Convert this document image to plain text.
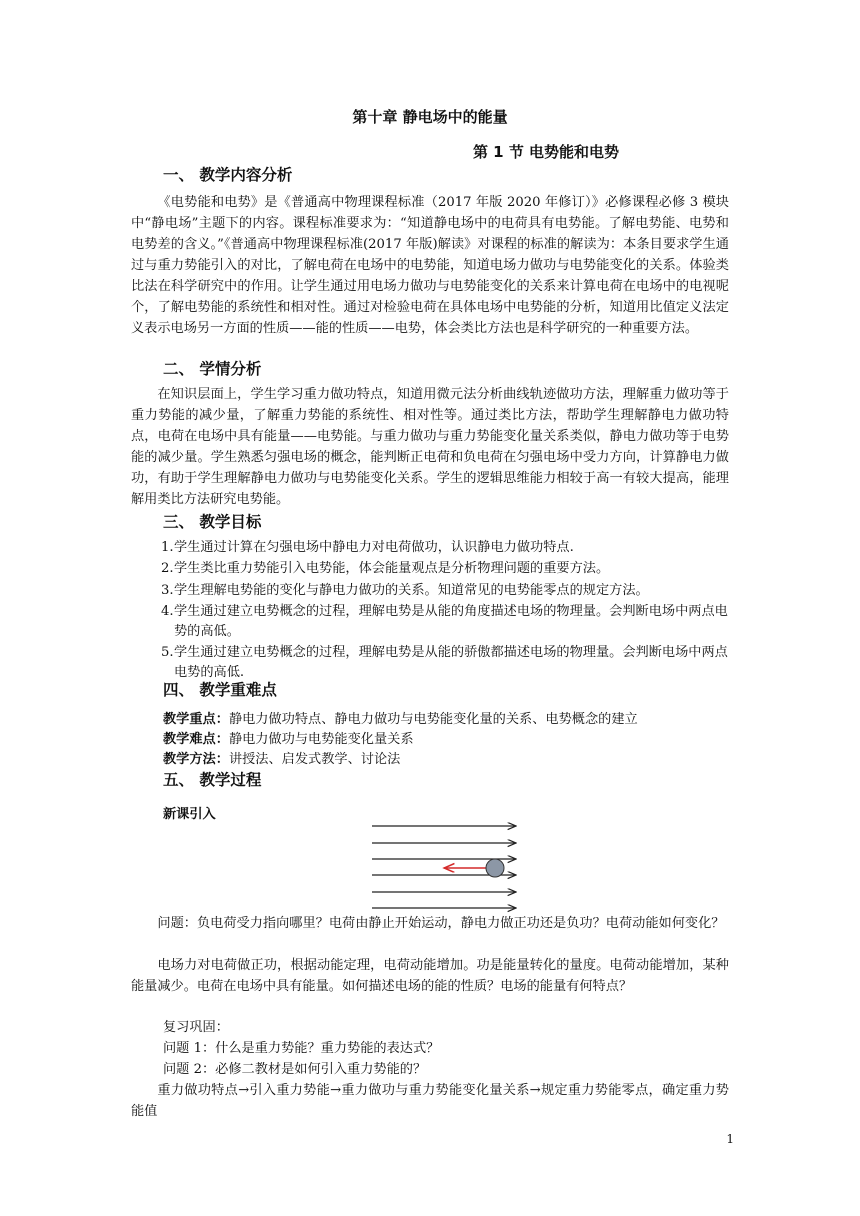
第十章 静电场中的能量
第 1 节 电势能和电势
一、 教学内容分析

《电势能和电势》是《普通高中物理课程标准（2017 年版 2020 年修订）》必修课程必修 3 模块中“静电场”主题下的内容。课程标准要求为：“知道静电场中的电荷具有电势能。了解电势能、电势和电势差的含义。”《普通高中物理课程标准(2017 年版)解读》对课程的标准的解读为：本条目要求学生通过与重力势能引入的对比，了解电荷在电场中的电势能，知道电场力做功与电势能变化的关系。体验类比法在科学研究中的作用。让学生通过用电场力做功与电势能变化的关系来计算电荷在电场中的电视呢个，了解电势能的系统性和相对性。通过对检验电荷在具体电场中电势能的分析，知道用比值定义法定义表示电场另一方面的性质——能的性质——电势，体会类比方法也是科学研究的一种重要方法。

二、 学情分析

在知识层面上，学生学习重力做功特点，知道用微元法分析曲线轨迹做功方法，理解重力做功等于重力势能的减少量，了解重力势能的系统性、相对性等。通过类比方法，帮助学生理解静电力做功特点，电荷在电场中具有能量——电势能。与重力做功与重力势能变化量关系类似，静电力做功等于电势能的减少量。学生熟悉匀强电场的概念，能判断正电荷和负电荷在匀强电场中受力方向，计算静电力做功，有助于学生理解静电力做功与电势能变化关系。学生的逻辑思维能力相较于高一有较大提高，能理解用类比方法研究电势能。

三、 教学目标
1. 学生通过计算在匀强电场中静电力对电荷做功，认识静电力做功特点.
2. 学生类比重力势能引入电势能，体会能量观点是分析物理问题的重要方法。
3. 学生理解电势能的变化与静电力做功的关系。知道常见的电势能零点的规定方法。
4. 学生通过建立电势概念的过程，理解电势是从能的角度描述电场的物理量。会判断电场中两点电势的高低。
5. 学生通过建立电势概念的过程，理解电势是从能的骄傲都描述电场的物理量。会判断电场中两点电势的高低.
四、 教学重难点
教学重点：静电力做功特点、静电力做功与电势能变化量的关系、电势概念的建立
教学难点：静电力做功与电势能变化量关系
教学方法：讲授法、启发式教学、讨论法
五、 教学过程
新课引入

问题：负电荷受力指向哪里？电荷由静止开始运动，静电力做正功还是负功？电荷动能如何变化？

电场力对电荷做正功，根据动能定理，电荷动能增加。功是能量转化的量度。电荷动能增加，某种能量减少。电荷在电场中具有能量。如何描述电场的能的性质？电场的能量有何特点？

复习巩固：
问题 1：什么是重力势能？重力势能的表达式？
问题 2：必修二教材是如何引入重力势能的？

重力做功特点→引入重力势能→重力做功与重力势能变化量关系→规定重力势能零点，确定重力势能值

1
